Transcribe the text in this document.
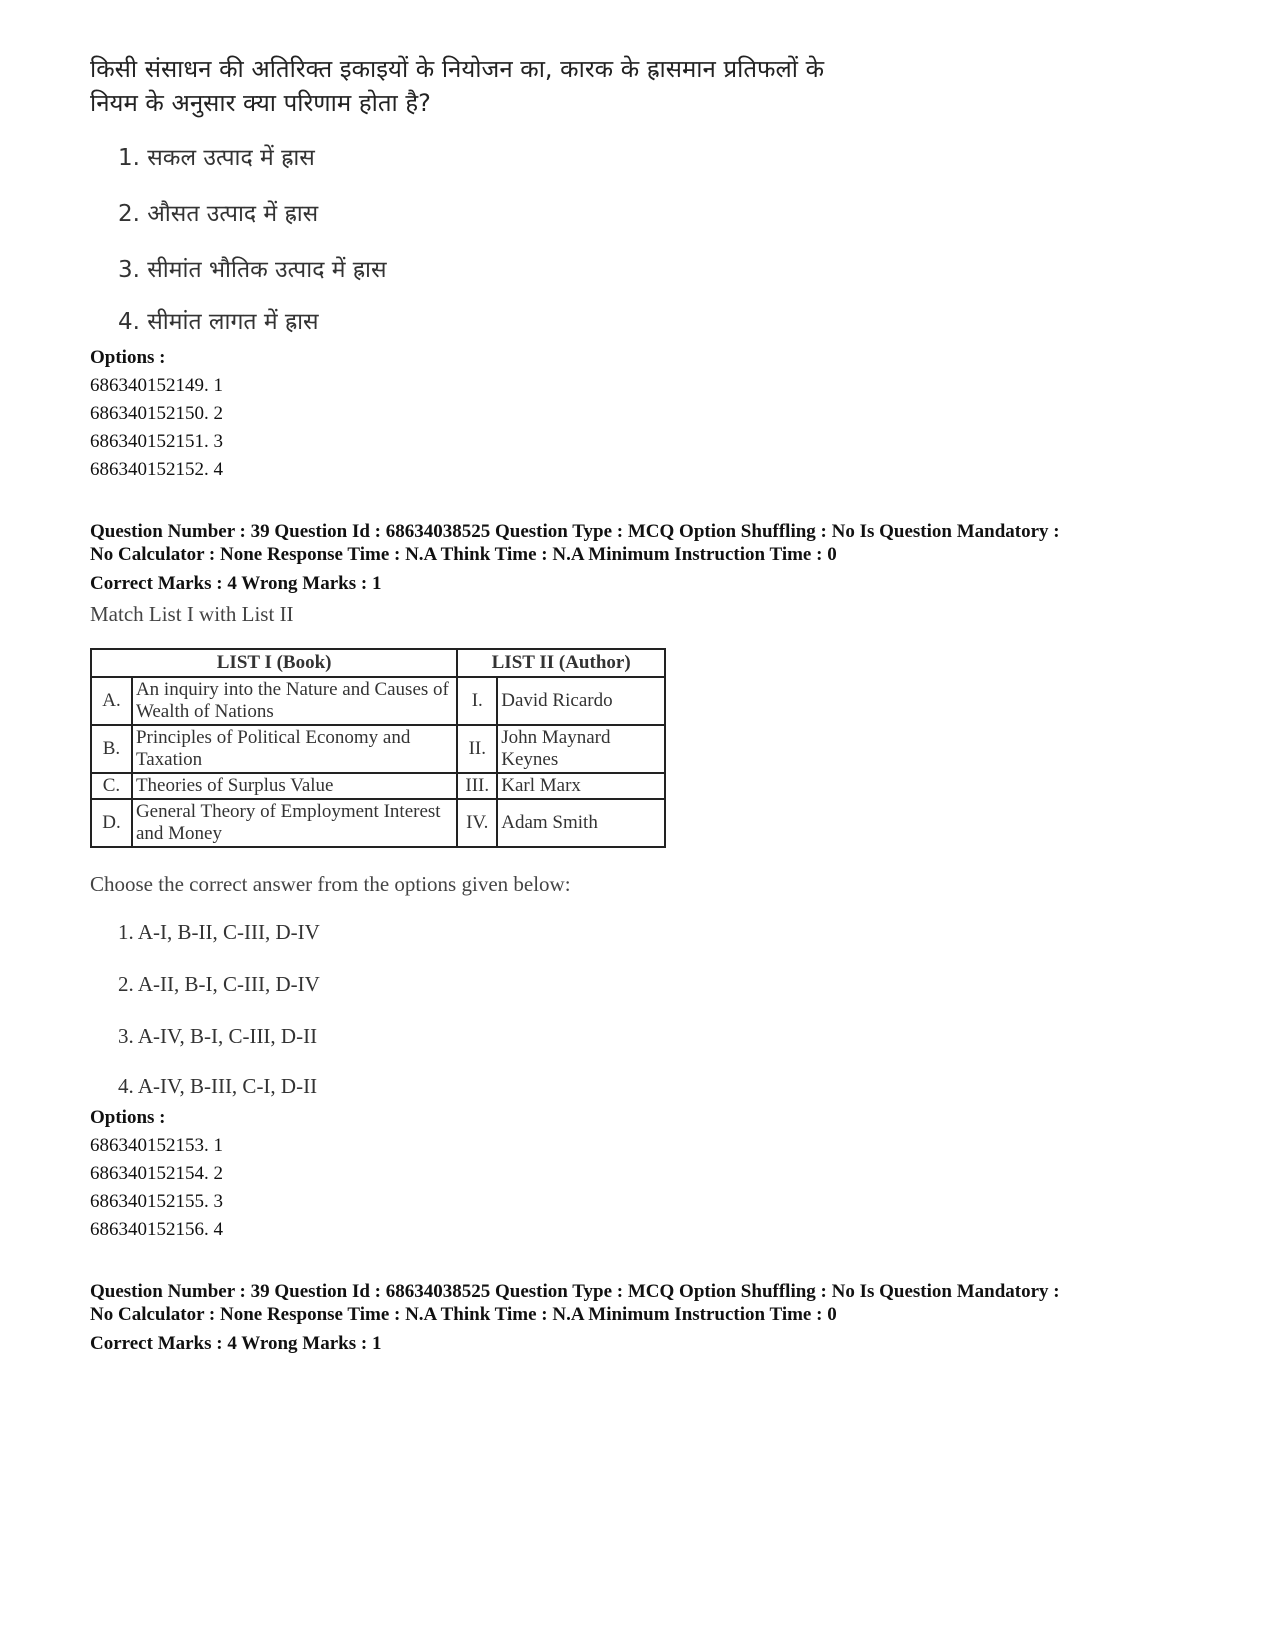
किसी संसाधन की अतिरिक्त इकाइयों के नियोजन का, कारक के ह्रासमान प्रतिफलों के नियम के अनुसार क्या परिणाम होता है?

1. सकल उत्पाद में ह्रास
2. औसत उत्पाद में ह्रास
3. सीमांत भौतिक उत्पाद में ह्रास
4. सीमांत लागत में ह्रास
Options :
686340152149. 1
686340152150. 2
686340152151. 3
686340152152. 4
Question Number : 39 Question Id : 68634038525 Question Type : MCQ Option Shuffling : No Is Question Mandatory :
No Calculator : None Response Time : N.A Think Time : N.A Minimum Instruction Time : 0
Correct Marks : 4 Wrong Marks : 1
Match List I with List II
LIST I (Book)		LIST II (Author)	
A.	An inquiry into the Nature and Causes of Wealth of Nations	I.	David Ricardo
B.	Principles of Political Economy and Taxation	II.	John Maynard Keynes
C.	Theories of Surplus Value	III.	Karl Marx
D.	General Theory of Employment Interest and Money	IV.	Adam Smith
Choose the correct answer from the options given below:
1. A-I, B-II, C-III, D-IV
2. A-II, B-I, C-III, D-IV
3. A-IV, B-I, C-III, D-II
4. A-IV, B-III, C-I, D-II
Options :
686340152153. 1
686340152154. 2
686340152155. 3
686340152156. 4
Question Number : 39 Question Id : 68634038525 Question Type : MCQ Option Shuffling : No Is Question Mandatory :
No Calculator : None Response Time : N.A Think Time : N.A Minimum Instruction Time : 0
Correct Marks : 4 Wrong Marks : 1
